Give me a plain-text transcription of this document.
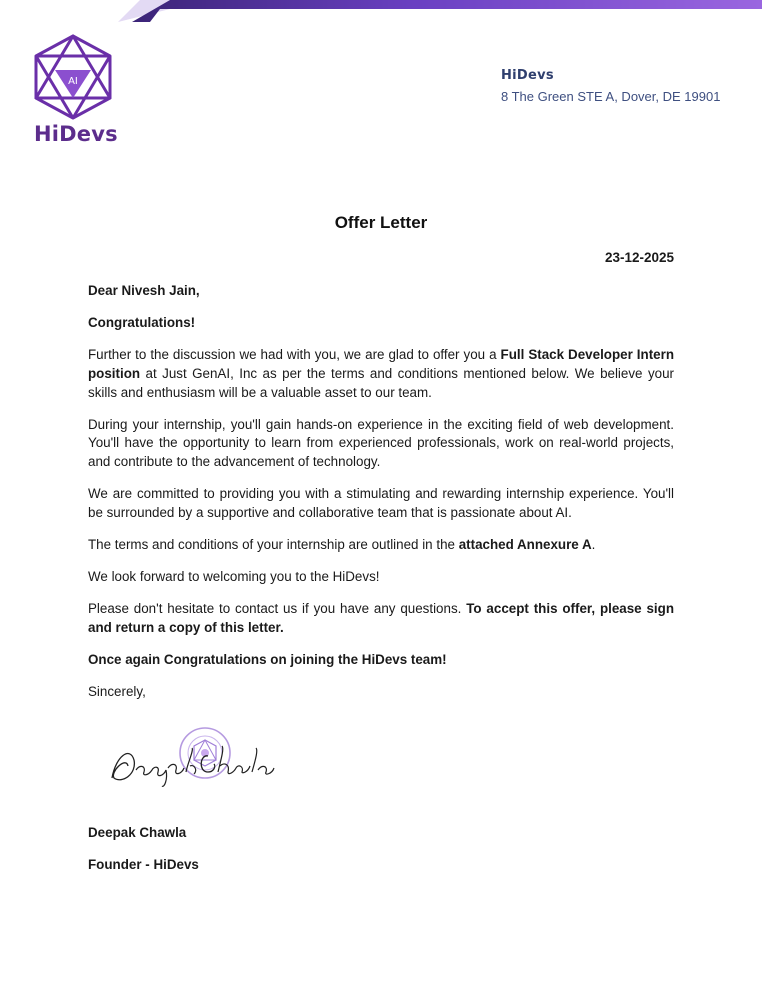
AI
HiDevs
HiDevs
8 The Green STE A, Dover, DE 19901
Offer Letter
23-12-2025

Dear Nivesh Jain,

Congratulations!

Further to the discussion we had with you, we are glad to offer you a Full Stack Developer Intern position at Just GenAI, Inc as per the terms and conditions mentioned below. We believe your skills and enthusiasm will be a valuable asset to our team.

During your internship, you'll gain hands-on experience in the exciting field of web development. You'll have the opportunity to learn from experienced professionals, work on real-world projects, and contribute to the advancement of technology.

We are committed to providing you with a stimulating and rewarding internship experience. You'll be surrounded by a supportive and collaborative team that is passionate about AI.

The terms and conditions of your internship are outlined in the attached Annexure A.

We look forward to welcoming you to the HiDevs!

Please don't hesitate to contact us if you have any questions. To accept this offer, please sign and return a copy of this letter.

Once again Congratulations on joining the HiDevs team!

Sincerely,

Deepak Chawla
Founder - HiDevs
